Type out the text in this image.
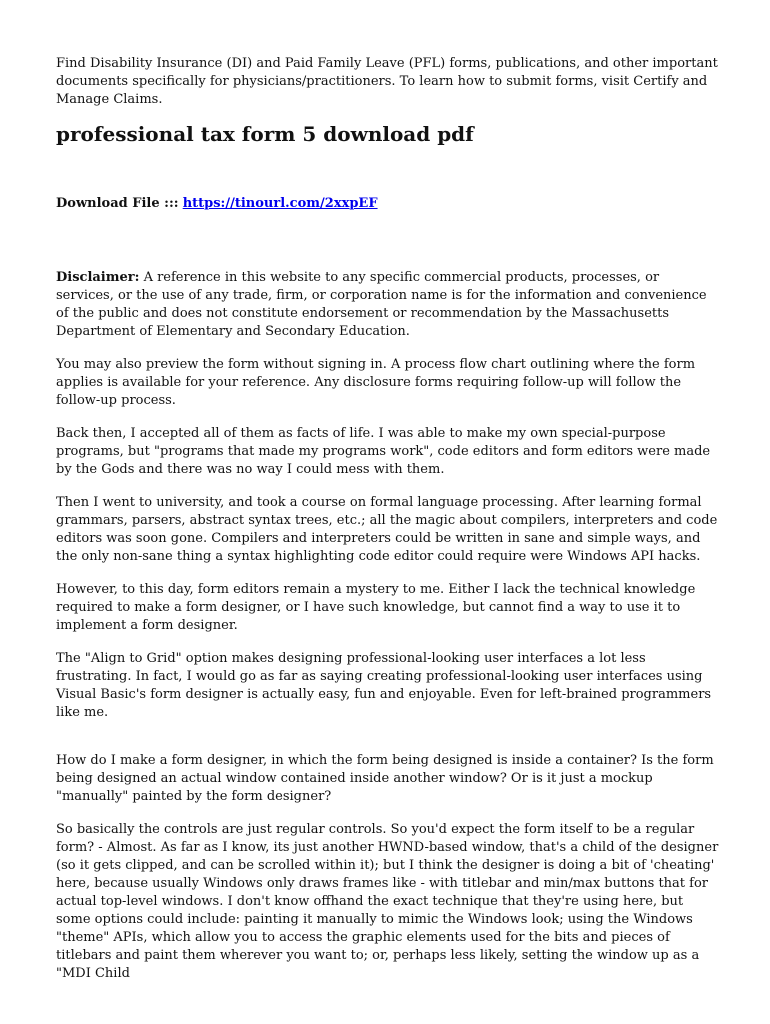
Find Disability Insurance (DI) and Paid Family Leave (PFL) forms, publications, and other important documents specifically for physicians/practitioners. To learn how to submit forms, visit Certify and Manage Claims.

professional tax form 5 download pdf

Download File ::: https://tinourl.com/2xxpEF

Disclaimer: A reference in this website to any specific commercial products, processes, or services, or the use of any trade, firm, or corporation name is for the information and convenience of the public and does not constitute endorsement or recommendation by the Massachusetts Department of Elementary and Secondary Education.

You may also preview the form without signing in. A process flow chart outlining where the form applies is available for your reference. Any disclosure forms requiring follow-up will follow the follow-up process.

Back then, I accepted all of them as facts of life. I was able to make my own special-purpose programs, but "programs that made my programs work", code editors and form editors were made by the Gods and there was no way I could mess with them.

Then I went to university, and took a course on formal language processing. After learning formal grammars, parsers, abstract syntax trees, etc.; all the magic about compilers, interpreters and code editors was soon gone. Compilers and interpreters could be written in sane and simple ways, and the only non-sane thing a syntax highlighting code editor could require were Windows API hacks.

However, to this day, form editors remain a mystery to me. Either I lack the technical knowledge required to make a form designer, or I have such knowledge, but cannot find a way to use it to implement a form designer.

The "Align to Grid" option makes designing professional-looking user interfaces a lot less frustrating. In fact, I would go as far as saying creating professional-looking user interfaces using Visual Basic's form designer is actually easy, fun and enjoyable. Even for left-brained programmers like me.

How do I make a form designer, in which the form being designed is inside a container? Is the form being designed an actual window contained inside another window? Or is it just a mockup "manually" painted by the form designer?

So basically the controls are just regular controls. So you'd expect the form itself to be a regular form? - Almost. As far as I know, its just another HWND-based window, that's a child of the designer (so it gets clipped, and can be scrolled within it); but I think the designer is doing a bit of 'cheating' here, because usually Windows only draws frames like - with titlebar and min/max buttons that for actual top-level windows. I don't know offhand the exact technique that they're using here, but some options could include: painting it manually to mimic the Windows look; using the Windows "theme" APIs, which allow you to access the graphic elements used for the bits and pieces of titlebars and paint them wherever you want to; or, perhaps less likely, setting the window up as a "MDI Child
